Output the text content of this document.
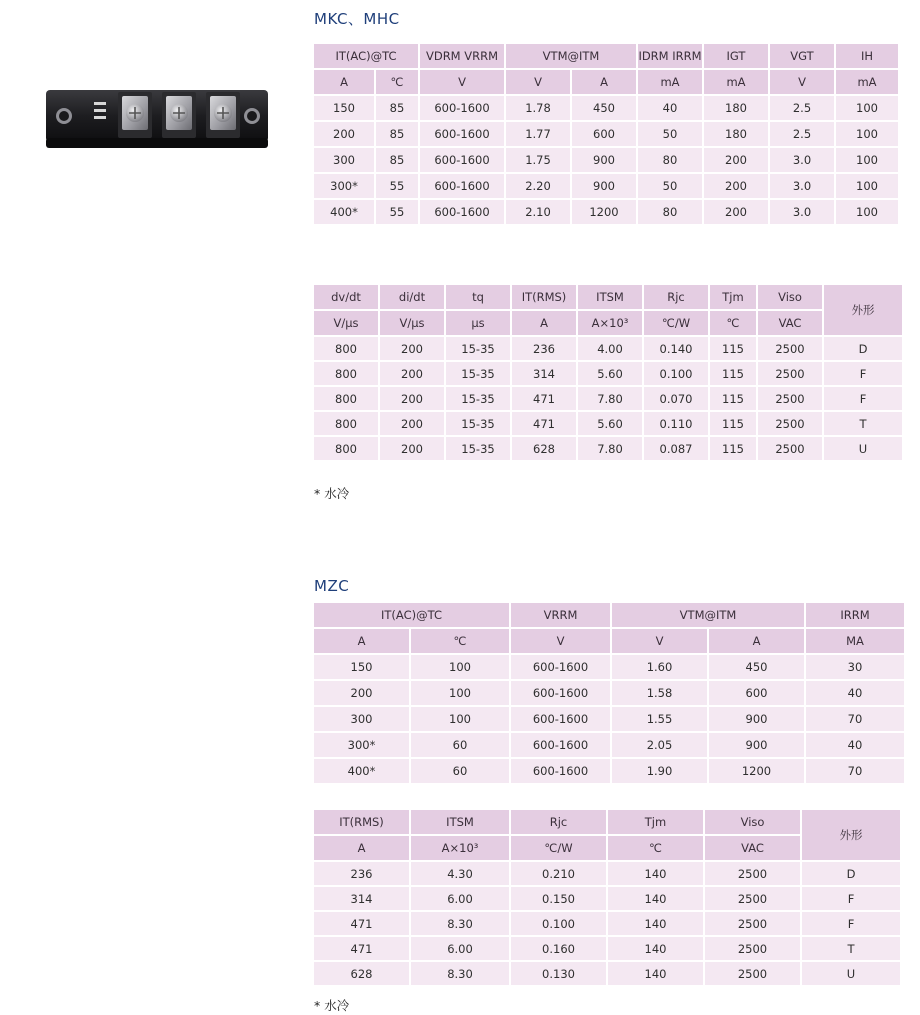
MKC、MHC
IT(AC)@TC		VDRM VRRM	VTM@ITM		IDRM IRRM	IGT	VGT	IH
A	℃	V	V	A	mA	mA	V	mA
150	85	600-1600	1.78	450	40	180	2.5	100
200	85	600-1600	1.77	600	50	180	2.5	100
300	85	600-1600	1.75	900	80	200	3.0	100
300*	55	600-1600	2.20	900	50	200	3.0	100
400*	55	600-1600	2.10	1200	80	200	3.0	100
dv/dt	di/dt	tq	IT(RMS)	ITSM	Rjc	Tjm	Viso	外形
V/μs	V/μs	μs	A	A×10³	℃/W	℃	VAC	
800	200	15-35	236	4.00	0.140	115	2500	D
800	200	15-35	314	5.60	0.100	115	2500	F
800	200	15-35	471	7.80	0.070	115	2500	F
800	200	15-35	471	5.60	0.110	115	2500	T
800	200	15-35	628	7.80	0.087	115	2500	U
* 水冷
MZC
IT(AC)@TC		VRRM	VTM@ITM		IRRM
A	℃	V	V	A	MA
150	100	600-1600	1.60	450	30
200	100	600-1600	1.58	600	40
300	100	600-1600	1.55	900	70
300*	60	600-1600	2.05	900	40
400*	60	600-1600	1.90	1200	70
IT(RMS)	ITSM	Rjc	Tjm	Viso	外形
A	A×10³	℃/W	℃	VAC	
236	4.30	0.210	140	2500	D
314	6.00	0.150	140	2500	F
471	8.30	0.100	140	2500	F
471	6.00	0.160	140	2500	T
628	8.30	0.130	140	2500	U
* 水冷
